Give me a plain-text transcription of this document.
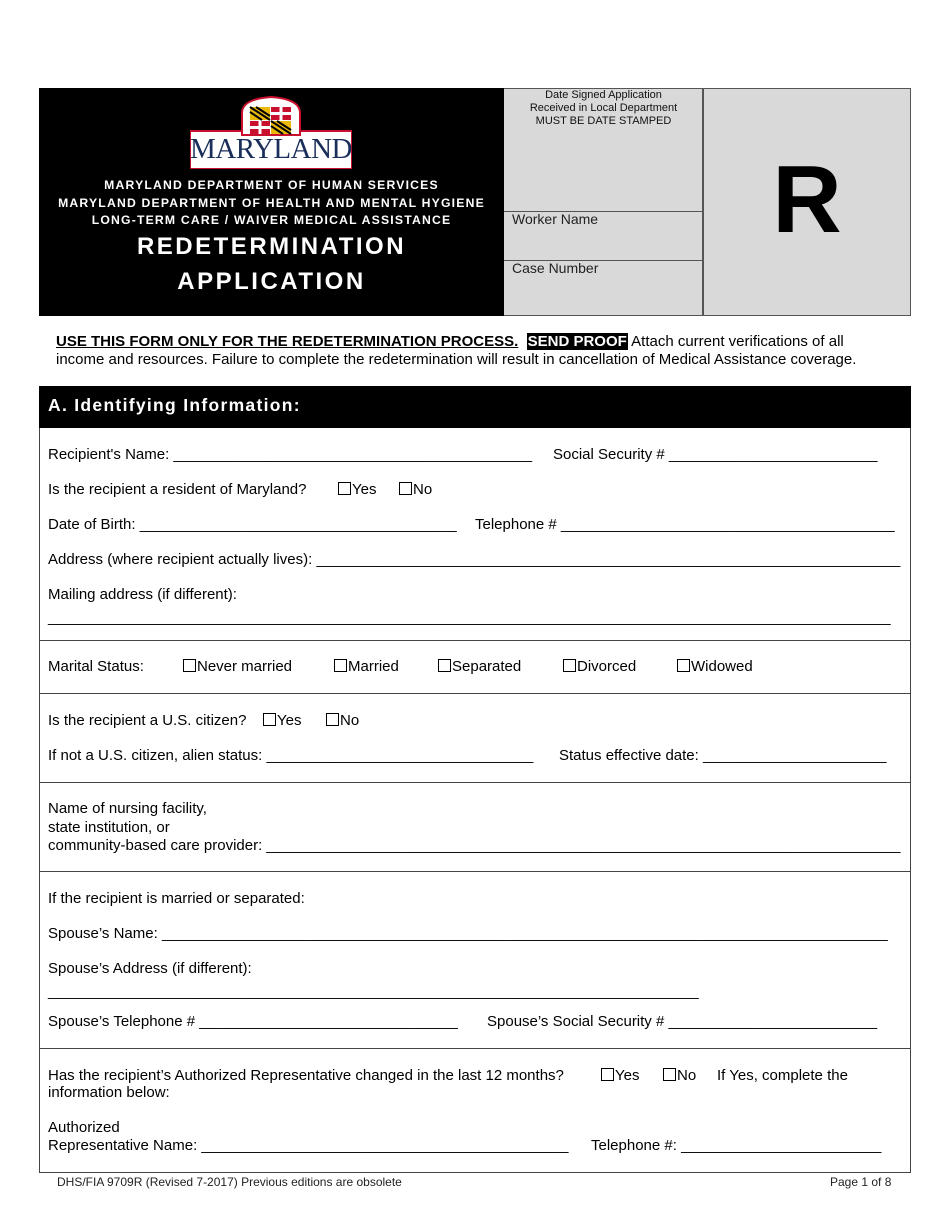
MARYLAND
MARYLAND DEPARTMENT OF HUMAN SERVICES
MARYLAND DEPARTMENT OF HEALTH AND MENTAL HYGIENE
LONG-TERM CARE / WAIVER MEDICAL ASSISTANCE
REDETERMINATION
APPLICATION
Date Signed Application
Received in Local Department
MUST BE DATE STAMPED
Worker Name
Case Number
R
USE THIS FORM ONLY FOR THE REDETERMINATION PROCESS. SEND PROOF Attach current verifications of all
income and resources. Failure to complete the redetermination will result in cancellation of Medical Assistance coverage.
A. Identifying Information:
Recipient's Name: ___________________________________________ Social Security # _________________________
Is the recipient a resident of Maryland?	Yes	No
Date of Birth: ______________________________________ Telephone # ________________________________________
Address (where recipient actually lives): ______________________________________________________________________
Mailing address (if different):
_____________________________________________________________________________________________________
Marital Status:	Never married	Married	Separated	Divorced	Widowed
Is the recipient a U.S. citizen?	Yes	No
If not a U.S. citizen, alien status: ________________________________ Status effective date: ______________________
Name of nursing facility,
state institution, or
community-based care provider: ____________________________________________________________________________
If the recipient is married or separated:
Spouse’s Name: _______________________________________________________________________________________
Spouse’s Address (if different):
______________________________________________________________________________
Spouse’s Telephone # _______________________________ Spouse’s Social Security # _________________________
Has the recipient’s Authorized Representative changed in the last 12 months?	Yes	No If Yes, complete the
information below:
Authorized
Representative Name: ____________________________________________ Telephone #: ________________________
DHS/FIA 9709R (Revised 7-2017) Previous editions are obsolete	Page 1 of 8
